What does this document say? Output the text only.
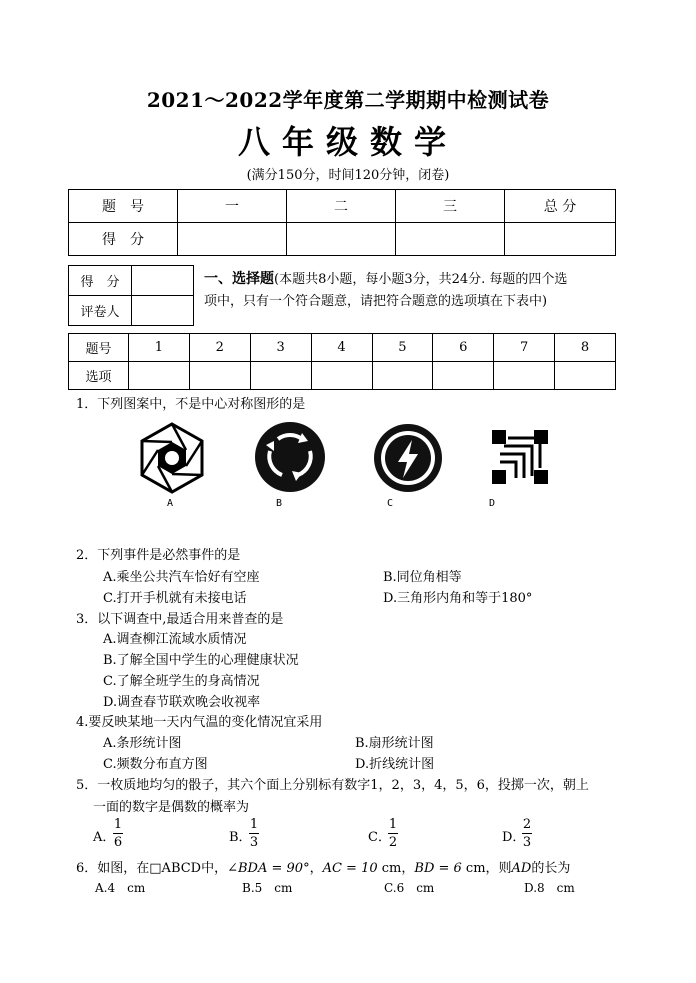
2021～2022学年度第二学期期中检测试卷
八年级数学
(满分150分，时间120分钟，闭卷)
题　号	一	二	三	总 分
得　分				
得　分	
评卷人	
一、选择题(本题共8小题，每小题3分，共24分. 每题的四个选
项中，只有一个符合题意，请把符合题意的选项填在下表中)
题号	1	2	3	4	5	6	7	8
选项								
1．下列图案中，不是中心对称图形的是
A	B	C	D
2．下列事件是必然事件的是
A.乘坐公共汽车恰好有空座	B.同位角相等
C.打开手机就有未接电话	D.三角形内角和等于180°
3．以下调查中,最适合用来普查的是
A.调查柳江流域水质情况
B.了解全国中学生的心理健康状况
C.了解全班学生的身高情况
D.调查春节联欢晚会收视率
4.要反映某地一天内气温的变化情况宜采用
A.条形统计图	B.扇形统计图
C.频数分布直方图	D.折线统计图
5．一枚质地均匀的骰子，其六个面上分别标有数字1，2，3，4，5，6，投掷一次，朝上
一面的数字是偶数的概率为
A．
1
6	B．
1
3	C．
1
2	D．
2
3
6．如图，在□ABCD中，∠BDA = 90°，AC = 10 cm，BD = 6 cm，则AD的长为
A.4　cm	B.5　cm	C.6　cm	D.8　cm
